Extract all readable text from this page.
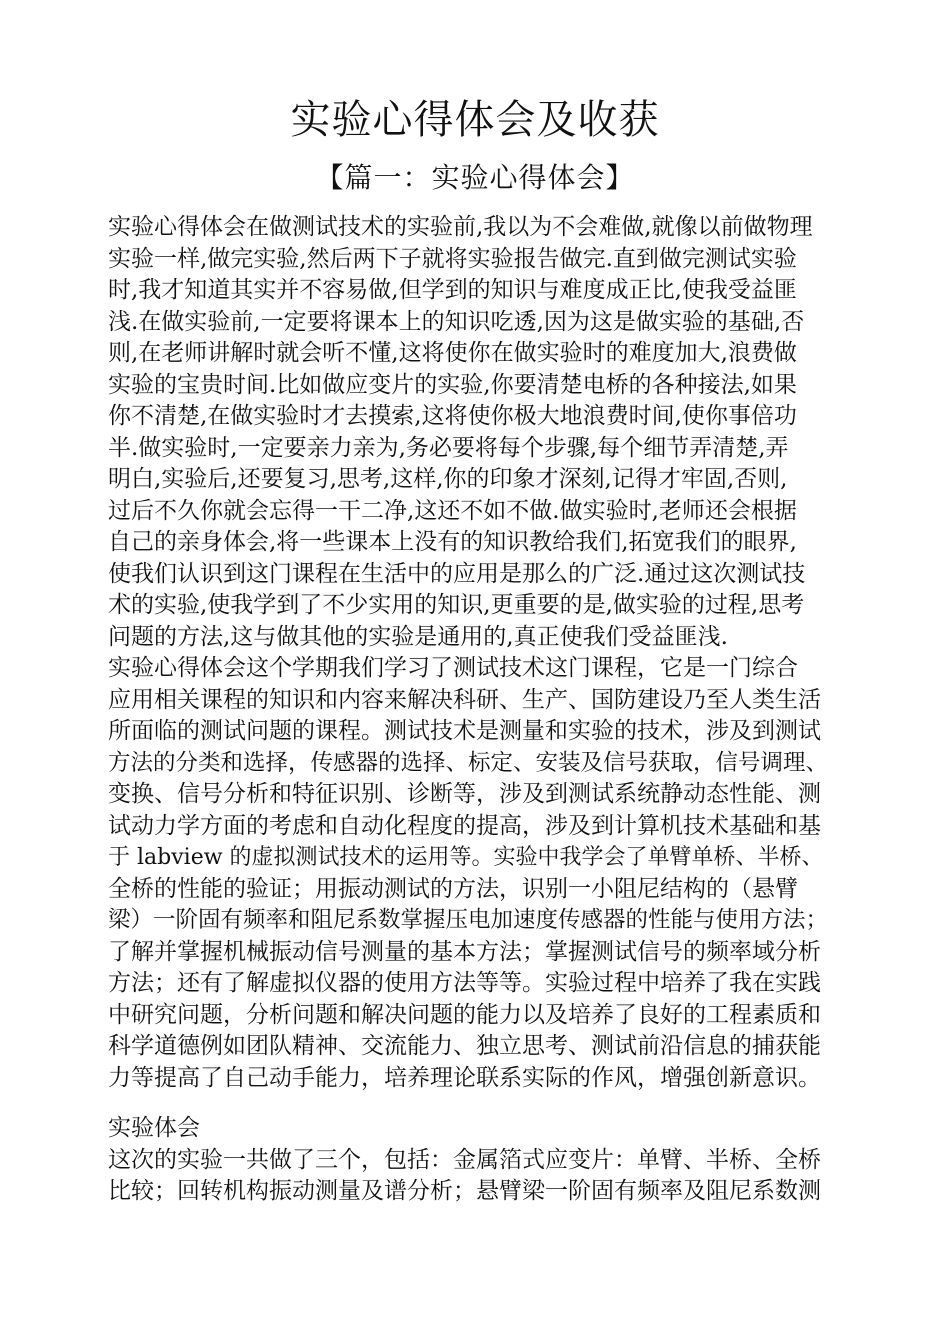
实验心得体会及收获
【篇一：实验心得体会】
实验心得体会在做测试技术的实验前,我以为不会难做,就像以前做物理
实验一样,做完实验,然后两下子就将实验报告做完.直到做完测试实验
时,我才知道其实并不容易做,但学到的知识与难度成正比,使我受益匪
浅.在做实验前,一定要将课本上的知识吃透,因为这是做实验的基础,否
则,在老师讲解时就会听不懂,这将使你在做实验时的难度加大,浪费做
实验的宝贵时间.比如做应变片的实验,你要清楚电桥的各种接法,如果
你不清楚,在做实验时才去摸索,这将使你极大地浪费时间,使你事倍功
半.做实验时,一定要亲力亲为,务必要将每个步骤,每个细节弄清楚,弄
明白,实验后,还要复习,思考,这样,你的印象才深刻,记得才牢固,否则,
过后不久你就会忘得一干二净,这还不如不做.做实验时,老师还会根据
自己的亲身体会,将一些课本上没有的知识教给我们,拓宽我们的眼界,
使我们认识到这门课程在生活中的应用是那么的广泛.通过这次测试技
术的实验,使我学到了不少实用的知识,更重要的是,做实验的过程,思考
问题的方法,这与做其他的实验是通用的,真正使我们受益匪浅.
实验心得体会这个学期我们学习了测试技术这门课程，它是一门综合
应用相关课程的知识和内容来解决科研、生产、国防建设乃至人类生活
所面临的测试问题的课程。测试技术是测量和实验的技术，涉及到测试
方法的分类和选择，传感器的选择、标定、安装及信号获取，信号调理、
变换、信号分析和特征识别、诊断等，涉及到测试系统静动态性能、测
试动力学方面的考虑和自动化程度的提高，涉及到计算机技术基础和基
于 labview 的虚拟测试技术的运用等。实验中我学会了单臂单桥、半桥、
全桥的性能的验证；用振动测试的方法，识别一小阻尼结构的（悬臂
梁）一阶固有频率和阻尼系数掌握压电加速度传感器的性能与使用方法；
了解并掌握机械振动信号测量的基本方法；掌握测试信号的频率域分析
方法；还有了解虚拟仪器的使用方法等等。实验过程中培养了我在实践
中研究问题，分析问题和解决问题的能力以及培养了良好的工程素质和
科学道德例如团队精神、交流能力、独立思考、测试前沿信息的捕获能
力等提高了自己动手能力，培养理论联系实际的作风，增强创新意识。
实验体会
这次的实验一共做了三个，包括：金属箔式应变片：单臂、半桥、全桥
比较；回转机构振动测量及谱分析；悬臂梁一阶固有频率及阻尼系数测
